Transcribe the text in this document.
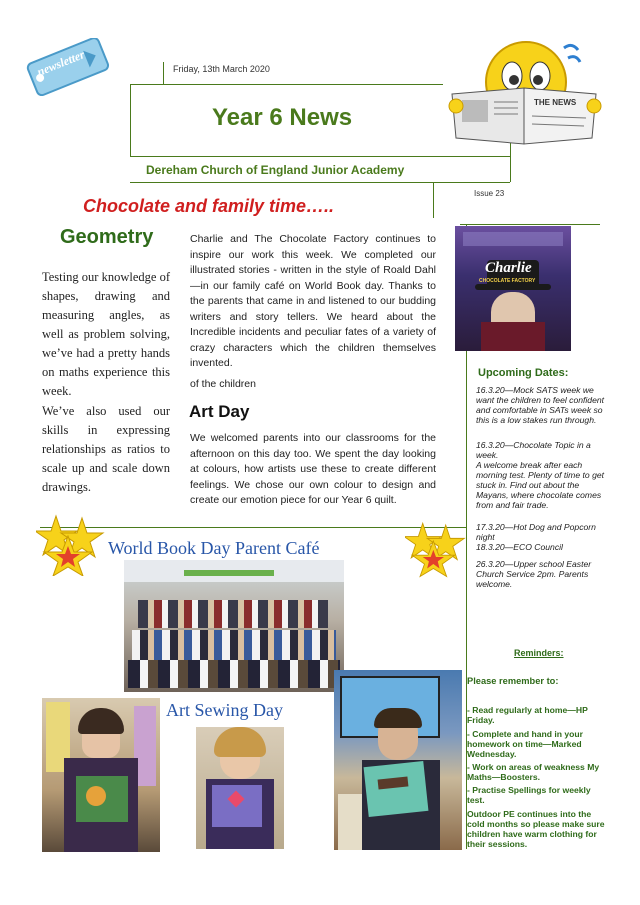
newsletter	Friday, 13th March 2020
Year 6 News
Dereham Church of England Junior Academy
Issue 23
THE NEWS
Chocolate and family time…..
Geometry

Testing our knowledge of shapes, drawing and measuring angles, as well as problem solving, we’ve had a pretty hands on maths experience this week.

We’ve also used our skills in expressing relationships as ratios to scale up and scale down drawings.

Charlie and The Chocolate Factory continues to inspire our work this week. We completed our illustrated stories - written in the style of Roald Dahl—in our family café on World Book day. Thanks to the parents that came in and listened to our budding writers and story tellers. We heard about the Incredible incidents and peculiar fates of a variety of crazy characters which the children themselves invented.

of the children
Art Day

We welcomed parents into our classrooms for the afternoon on this day too. We spent the day looking at colours, how artists use these to create different feelings. We chose our own colour to design and create our emotion piece for our Year 6 quilt.

Charlie
CHOCOLATE FACTORY
Upcoming Dates:
16.3.20—Mock SATS week we want the children to feel confident and comfortable in SATs week so this is a low stakes run through.
16.3.20—Chocolate Topic in a week.
A welcome break after each morning test. Plenty of time to get stuck in. Find out about the Mayans, where chocolate comes from and fair trade.
17.3.20—Hot Dog and Popcorn night
18.3.20—ECO Council
26.3.20—Upper school Easter Church Service 2pm. Parents welcome.
Reminders:
Please remember to:
- Read regularly at home—HP Friday.
- Complete and hand in your homework on time—Marked Wednesday.
- Work on areas of weakness My Maths—Boosters.
- Practise Spellings for weekly test.
Outdoor PE continues into the cold months so please make sure children have warm clothing for their sessions.
World Book Day Parent Café
Art Sewing Day
